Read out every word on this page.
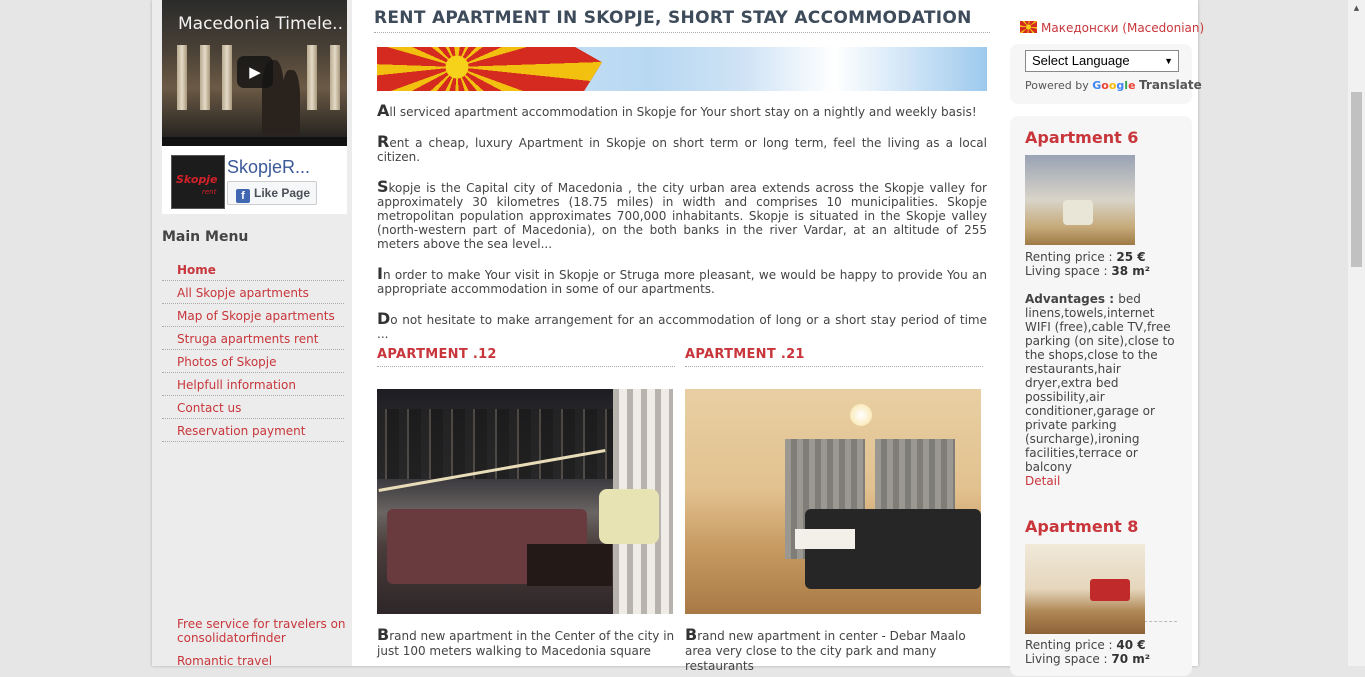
Macedonia Timele..
▶
Skopje
rent
SkopjeR...
f Like Page
Main Menu
Home
All Skopje apartments
Map of Skopje apartments
Struga apartments rent
Photos of Skopje
Helpfull information
Contact us
Reservation payment
Free service for travelers on consolidatorfinder
Romantic travel
RENT APARTMENT IN SKOPJE, SHORT STAY ACCOMMODATION

All serviced apartment accommodation in Skopje for Your short stay on a nightly and weekly basis!

Rent a cheap, luxury Apartment in Skopje on short term or long term, feel the living as a local citizen.

Skopje is the Capital city of Macedonia , the city urban area extends across the Skopje valley for approximately 30 kilometres (18.75 miles) in width and comprises 10 municipalities. Skopje metropolitan population approximates 700,000 inhabitants. Skopje is situated in the Skopje valley (north-western part of Macedonia), on the both banks in the river Vardar, at an altitude of 255 meters above the sea level...

In order to make Your visit in Skopje or Struga more pleasant, we would be happy to provide You an appropriate accommodation in some of our apartments.

Do not hesitate to make arrangement for an accommodation of long or a short stay period of time ...

APARTMENT .12
Brand new apartment in the Center of the city in just 100 meters walking to Macedonia square
APARTMENT .21
Brand new apartment in center - Debar Maalo area very close to the city park and many restaurants
Македонски (Macedonian)
Select Language	▼
Powered by Google Translate
Apartment 6
Renting price : 25 €
Living space : 38 m²
Advantages : bed linens,towels,internet WIFI (free),cable TV,free parking (on site),close to the shops,close to the restaurants,hair dryer,extra bed possibility,air conditioner,garage or private parking (surcharge),ironing facilities,terrace or balcony
Detail
Apartment 8
Renting price : 40 €
Living space : 70 m²
▲
